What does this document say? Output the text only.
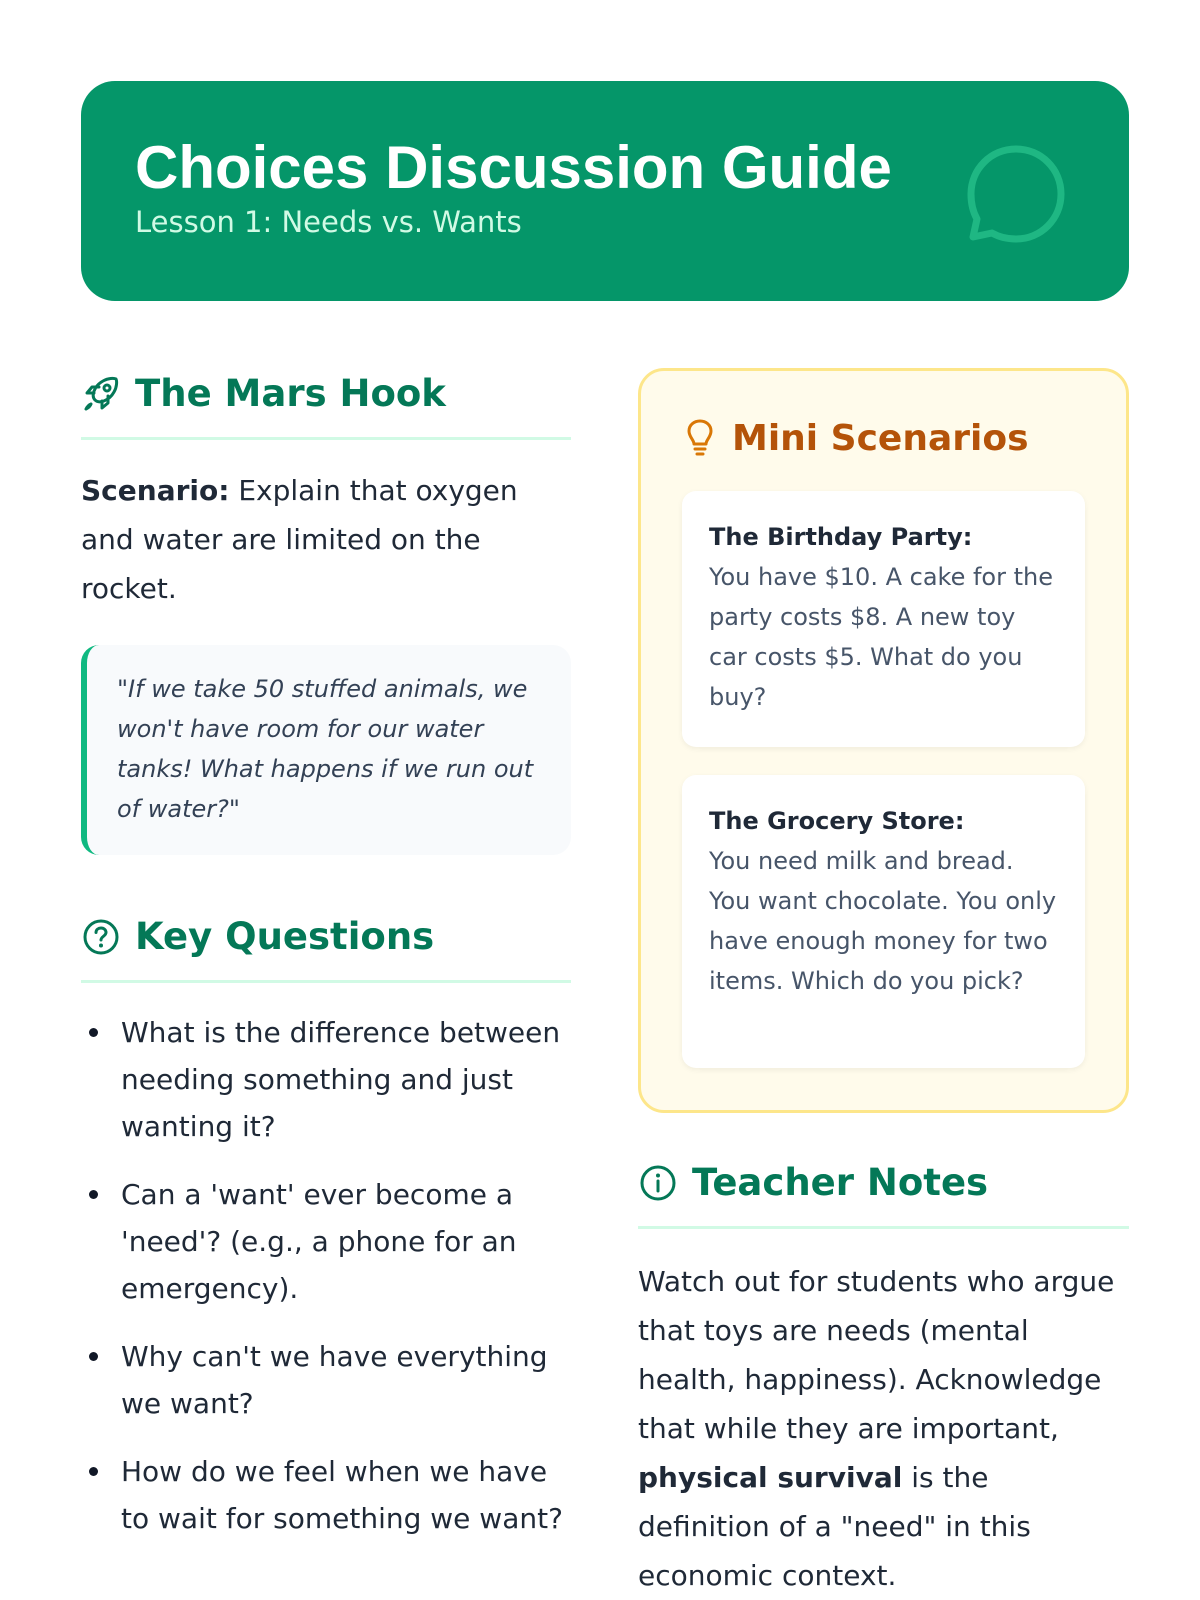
Choices Discussion Guide
Lesson 1: Needs vs. Wants
The Mars Hook

Scenario: Explain that oxygen and water are limited on the rocket.

"If we take 50 stuffed animals, we won't have room for our water tanks! What happens if we run out of water?"
Key Questions
What is the difference between needing something and just wanting it?
Can a 'want' ever become a 'need'? (e.g., a phone for an emergency).
Why can't we have everything we want?
How do we feel when we have to wait for something we want?
Mini Scenarios
The Birthday Party:
You have $10. A cake for the party costs $8. A new toy car costs $5. What do you buy?
The Grocery Store:
You need milk and bread. You want chocolate. You only have enough money for two items. Which do you pick?
Teacher Notes

Watch out for students who argue that toys are needs (mental health, happiness). Acknowledge that while they are important, physical survival is the definition of a "need" in this economic context.
